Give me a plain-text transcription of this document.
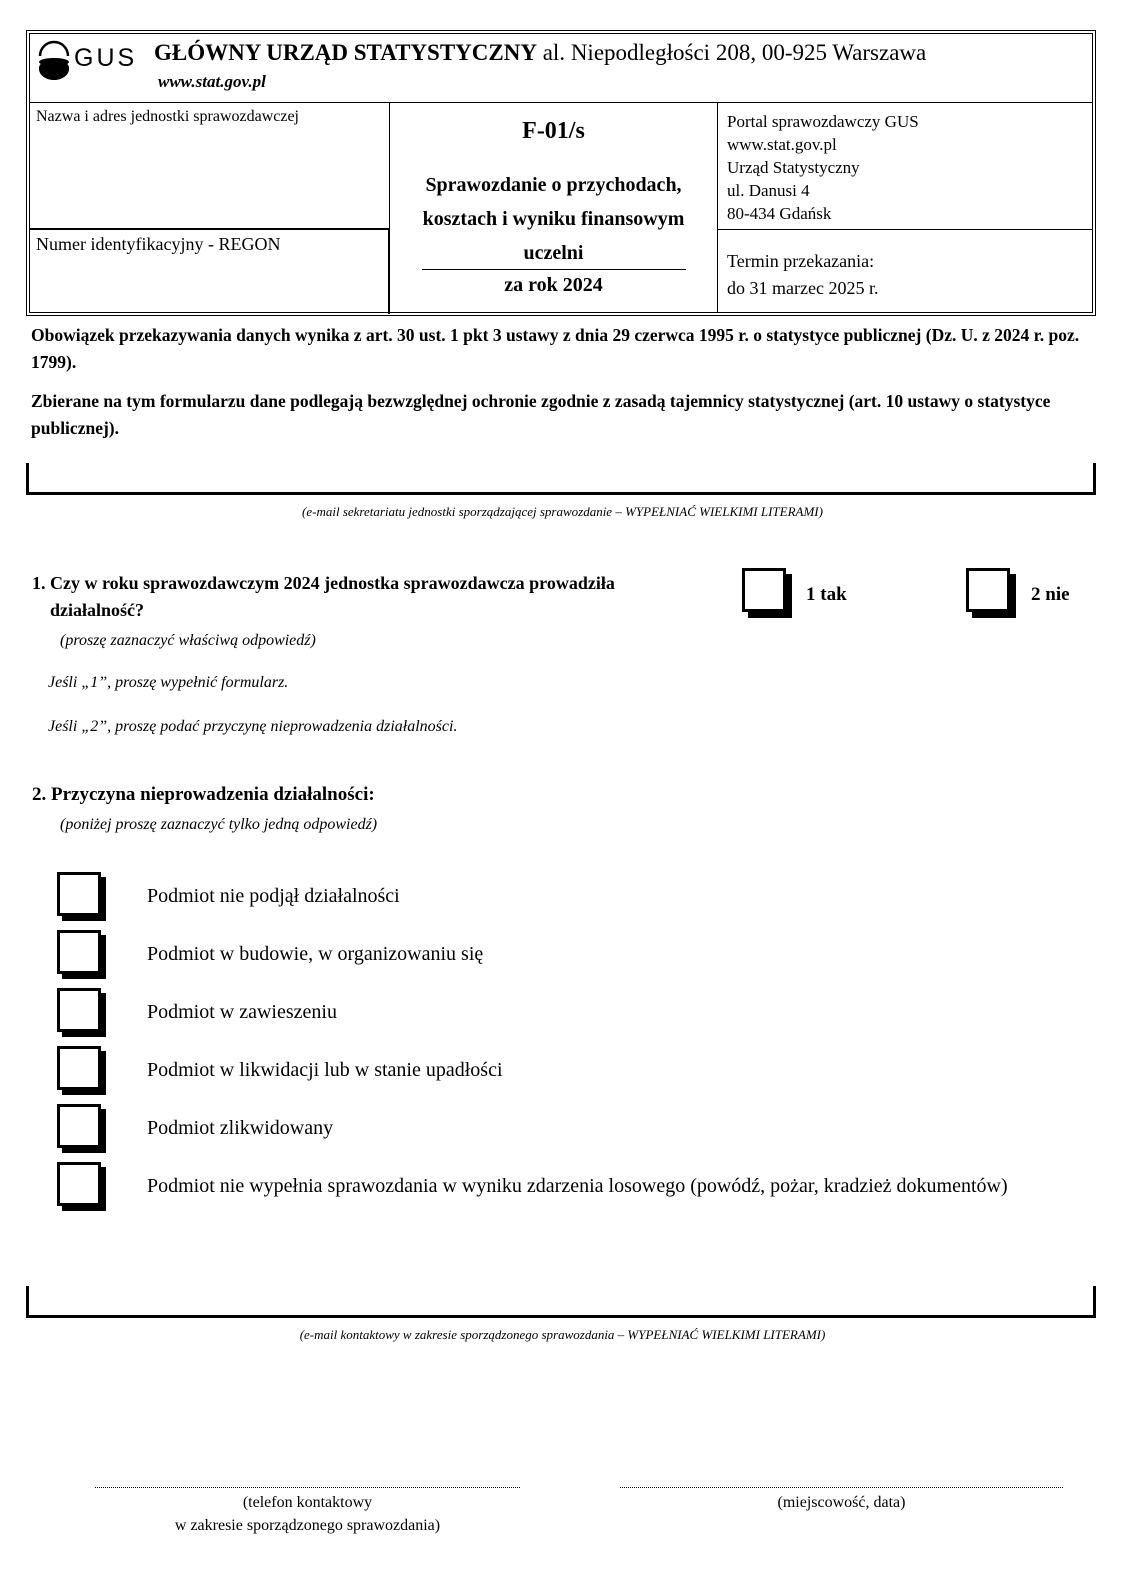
GUS GŁÓWNY URZĄD STATYSTYCZNY al. Niepodległości 208, 00-925 Warszawa
www.stat.gov.pl
Nazwa i adres jednostki sprawozdawczej
Numer identyfikacyjny - REGON
F-01/s
Sprawozdanie o przychodach,
kosztach i wyniku finansowym
uczelni
za rok 2024
Portal sprawozdawczy GUS
www.stat.gov.pl
Urząd Statystyczny
ul. Danusi 4
80-434 Gdańsk
Termin przekazania:
do 31 marzec 2025 r.
Obowiązek przekazywania danych wynika z art. 30 ust. 1 pkt 3 ustawy z dnia 29 czerwca 1995 r. o statystyce publicznej (Dz. U. z 2024 r. poz. 1799).
Zbierane na tym formularzu dane podlegają bezwzględnej ochronie zgodnie z zasadą tajemnicy statystycznej (art. 10 ustawy o statystyce publicznej).
(e-mail sekretariatu jednostki sporządzającej sprawozdanie – WYPEŁNIAĆ WIELKIMI LITERAMI)
1. Czy w roku sprawozdawczym 2024 jednostka sprawozdawcza prowadziła
działalność?
(proszę zaznaczyć właściwą odpowiedź)
Jeśli „1”, proszę wypełnić formularz.
Jeśli „2”, proszę podać przyczynę nieprowadzenia działalności.
1 tak	2 nie
2. Przyczyna nieprowadzenia działalności:
(poniżej proszę zaznaczyć tylko jedną odpowiedź)
Podmiot nie podjął działalności
Podmiot w budowie, w organizowaniu się
Podmiot w zawieszeniu
Podmiot w likwidacji lub w stanie upadłości
Podmiot zlikwidowany
Podmiot nie wypełnia sprawozdania w wyniku zdarzenia losowego (powódź, pożar, kradzież dokumentów)
(e-mail kontaktowy w zakresie sporządzonego sprawozdania – WYPEŁNIAĆ WIELKIMI LITERAMI)
(telefon kontaktowy
w zakresie sporządzonego sprawozdania)
(miejscowość, data)
